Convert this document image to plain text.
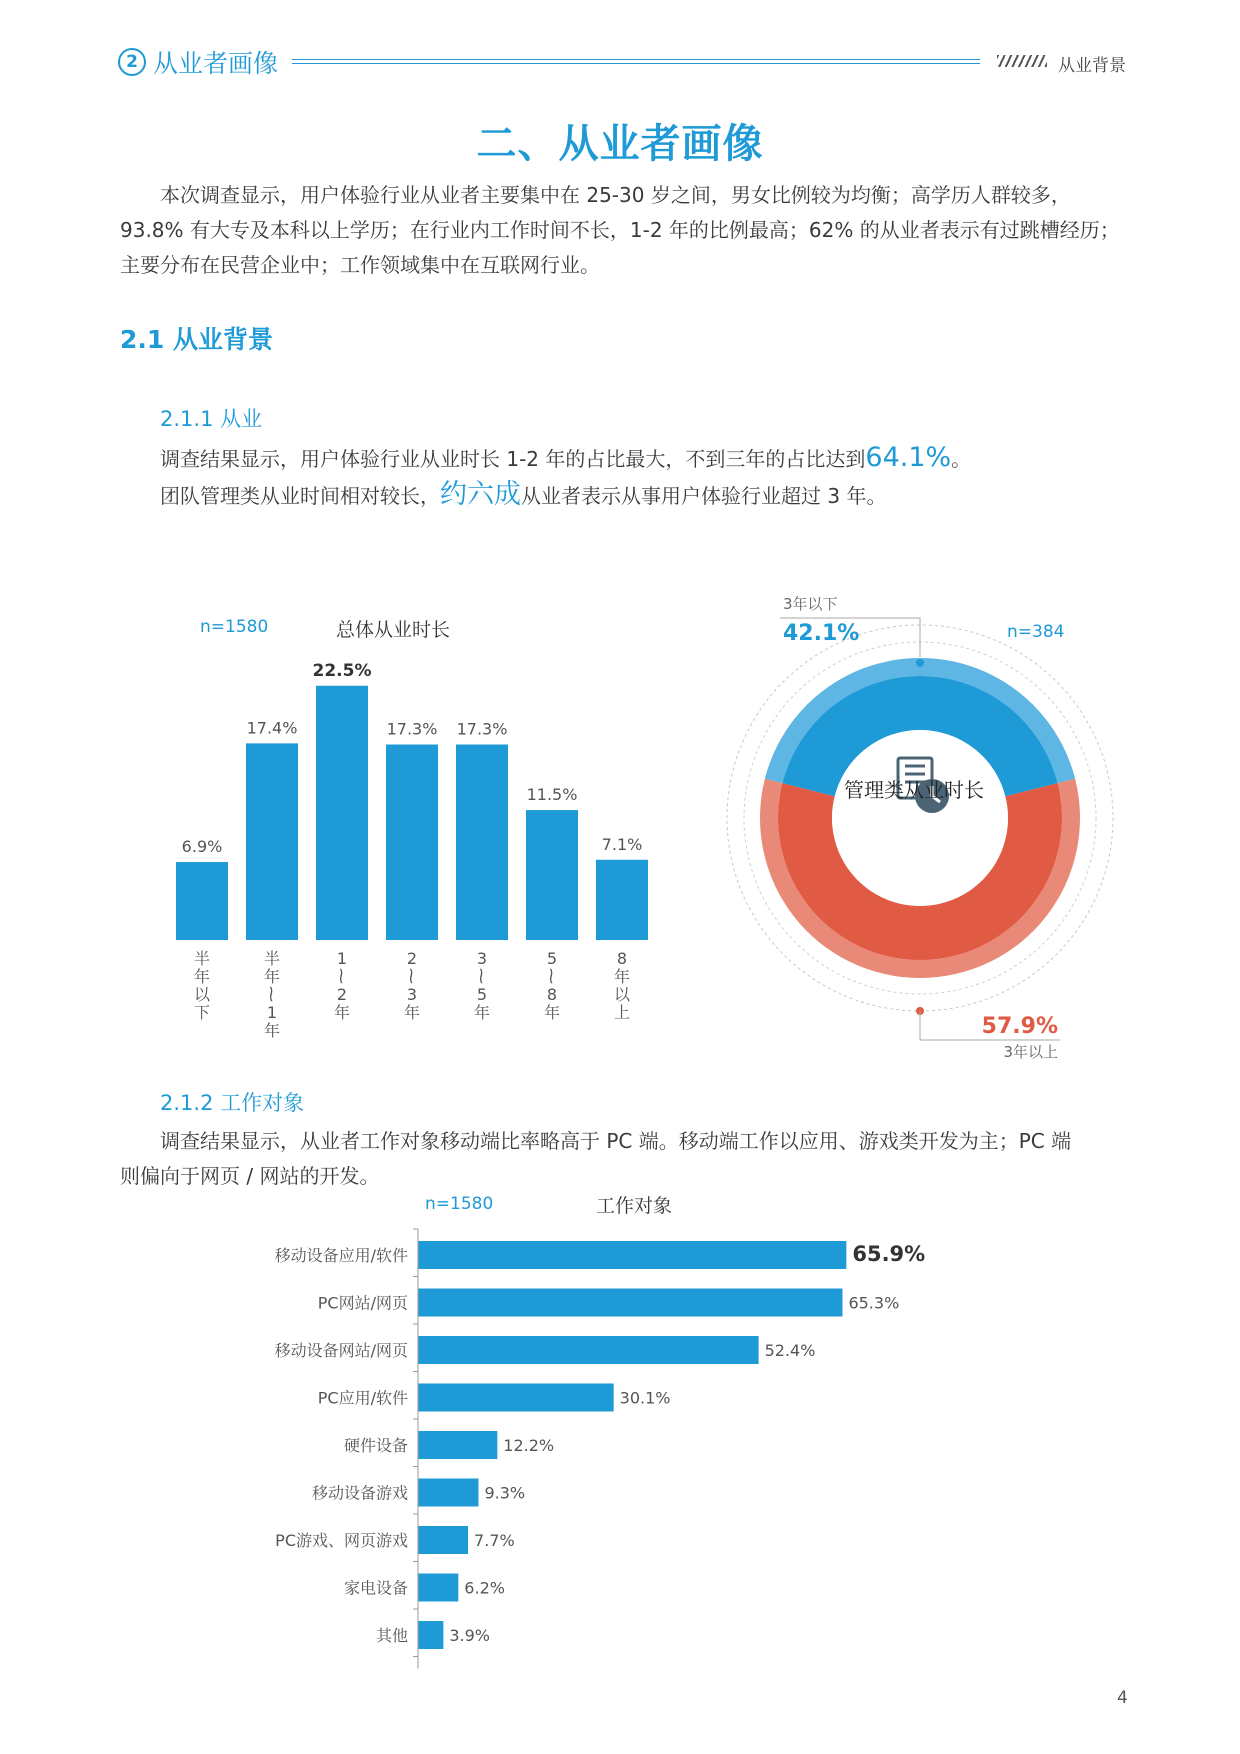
2 从业者画像	从业背景
二、从业者画像

本次调查显示，用户体验行业从业者主要集中在 25-30 岁之间，男女比例较为均衡；高学历人群较多，

93.8% 有大专及本科以上学历；在行业内工作时间不长，1-2 年的比例最高；62% 的从业者表示有过跳槽经历；

主要分布在民营企业中；工作领域集中在互联网行业。

2.1 从业背景
2.1.1 从业

调查结果显示，用户体验行业从业时长 1-2 年的占比最大，不到三年的占比达到64.1%。

团队管理类从业时间相对较长，约六成从业者表示从事用户体验行业超过 3 年。

n=1580	总体从业时长
6.9%
半
年
以
下
17.4%
半
年
⁓
1
年
22.5%
1
⁓
2
年
17.3%
2
⁓
3
年
17.3%
3
⁓
5
年
11.5%
5
⁓
8
年
7.1%
8
年
以
上
n=384
3年以下
42.1%
57.9%
3年以上
管理类从业时长
2.1.2 工作对象

调查结果显示，从业者工作对象移动端比率略高于 PC 端。移动端工作以应用、游戏类开发为主；PC 端

则偏向于网页 / 网站的开发。

n=1580	工作对象
65.9%
移动设备应用/软件
65.3%
PC网站/网页
52.4%
移动设备网站/网页
30.1%
PC应用/软件
12.2%
硬件设备
9.3%
移动设备游戏
7.7%
PC游戏、网页游戏
6.2%
家电设备
3.9%
其他
4
